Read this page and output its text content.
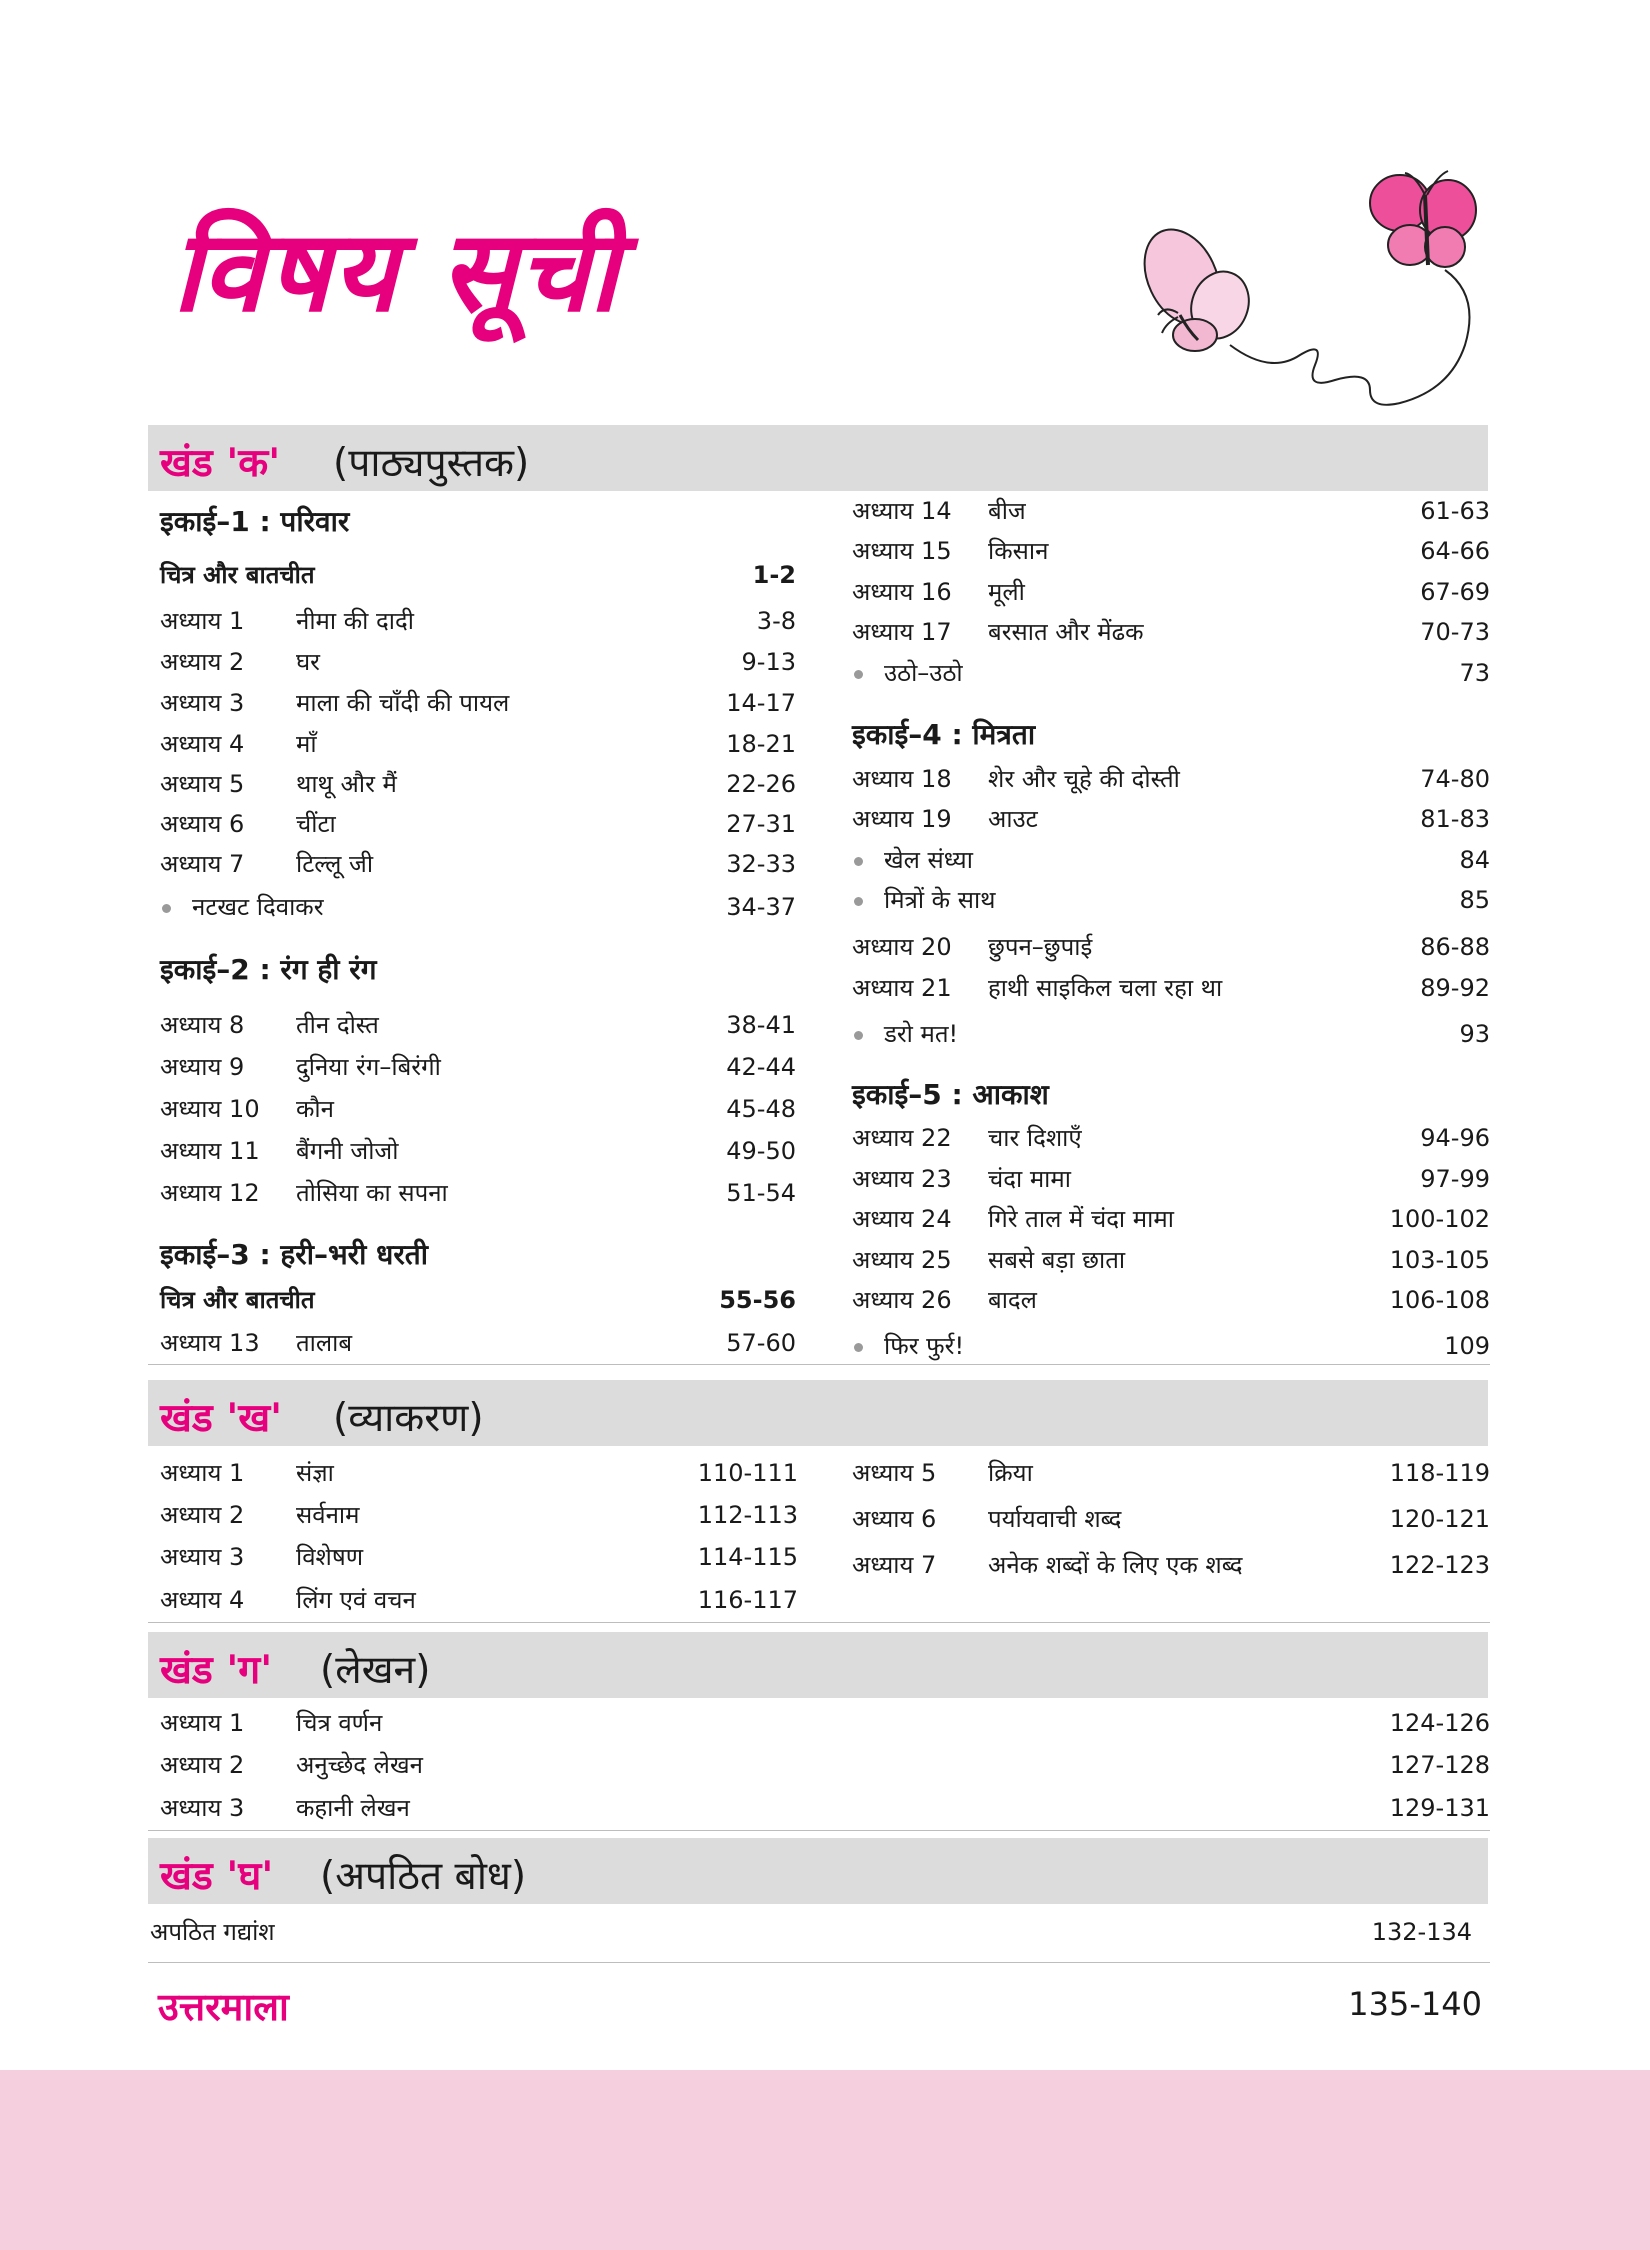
विषय सूची
खंड 'क' (पाठ्यपुस्तक)
इकाई–1 : परिवार
इकाई–2 : रंग ही रंग
इकाई–3 : हरी–भरी धरती
इकाई–4 : मित्रता
इकाई–5 : आकाश
चित्र और बातचीत	1-2
अध्याय 1 नीमा की दादी	3-8
अध्याय 2 घर	9-13
अध्याय 3 माला की चाँदी की पायल	14-17
अध्याय 4 माँ	18-21
अध्याय 5 थाथू और मैं	22-26
अध्याय 6 चींटा	27-31
अध्याय 7 टिल्लू जी	32-33
नटखट दिवाकर	34-37
अध्याय 8 तीन दोस्त	38-41
अध्याय 9 दुनिया रंग–बिरंगी	42-44
अध्याय 10 कौन	45-48
अध्याय 11 बैंगनी जोजो	49-50
अध्याय 12 तोसिया का सपना	51-54
चित्र और बातचीत	55-56
अध्याय 13 तालाब	57-60
अध्याय 14 बीज	61-63
अध्याय 15 किसान	64-66
अध्याय 16 मूली	67-69
अध्याय 17 बरसात और मेंढक	70-73
उठो–उठो	73
अध्याय 18 शेर और चूहे की दोस्ती	74-80
अध्याय 19 आउट	81-83
खेल संध्या	84
मित्रों के साथ	85
अध्याय 20 छुपन–छुपाई	86-88
अध्याय 21 हाथी साइकिल चला रहा था	89-92
डरो मत!	93
अध्याय 22 चार दिशाएँ	94-96
अध्याय 23 चंदा मामा	97-99
अध्याय 24 गिरे ताल में चंदा मामा	100-102
अध्याय 25 सबसे बड़ा छाता	103-105
अध्याय 26 बादल	106-108
फिर फुर्र!	109
खंड 'ख' (व्याकरण)
अध्याय 1 संज्ञा	110-111
अध्याय 2 सर्वनाम	112-113
अध्याय 3 विशेषण	114-115
अध्याय 4 लिंग एवं वचन	116-117
अध्याय 5 क्रिया	118-119
अध्याय 6 पर्यायवाची शब्द	120-121
अध्याय 7 अनेक शब्दों के लिए एक शब्द	122-123
खंड 'ग' (लेखन)
अध्याय 1 चित्र वर्णन	124-126
अध्याय 2 अनुच्छेद लेखन	127-128
अध्याय 3 कहानी लेखन	129-131
खंड 'घ' (अपठित बोध)
अपठित गद्यांश	132-134
उत्तरमाला	135-140
